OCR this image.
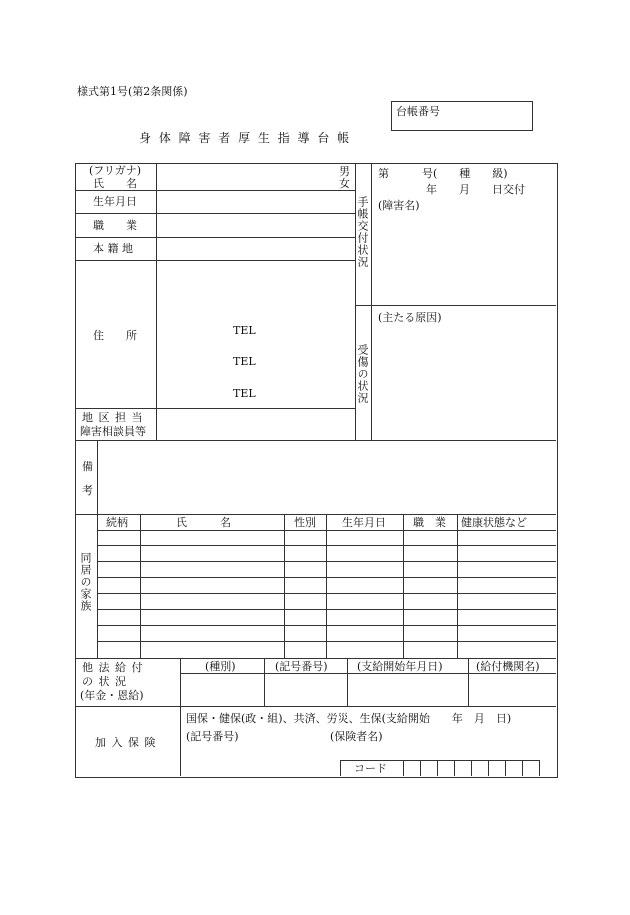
様式第1号(第2条関係)
台帳番号
身 体 障 害 者 厚 生 指 導 台 帳
(フリガナ)
氏　　名
男
女
生年月日
職　　業
本 籍 地
住　　所	TEL
TEL
TEL
地 区 担 当
障害相談員等
手帳交付状況
第　　　号(　　種　　級)
年　　月　　日交付
(障害名)
受傷の状況
(主たる原因)
備
考
同居の家族
続柄	氏　　　名	性別 生年月日 職　業 健康状態など
他 法 給 付
の 状 況
(年金・恩給)
(種別)	(記号番号)	(支給開始年月日)	(給付機関名)
加 入 保 険
国保・健保(政・組)、共済、労災、生保(支給開始　　年　月　日)
(記号番号)	(保険者名)
コード
